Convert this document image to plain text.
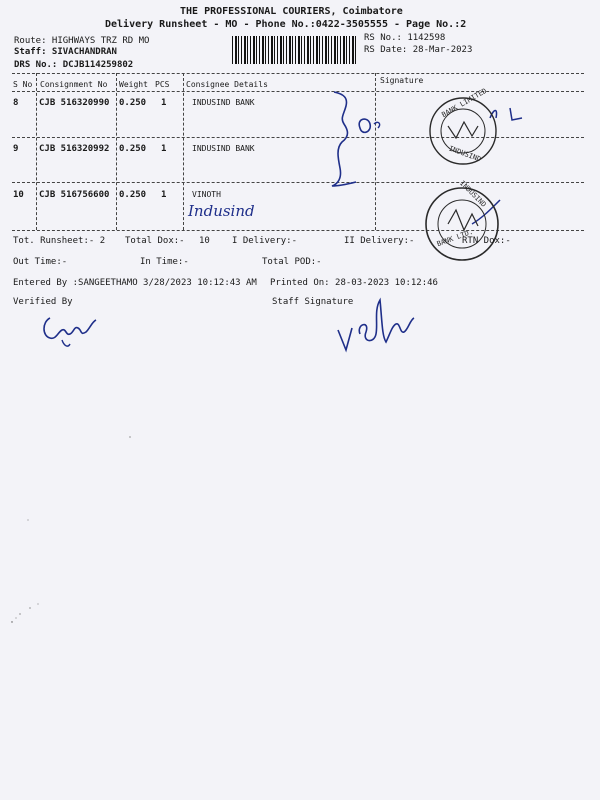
THE PROFESSIONAL COURIERS, Coimbatore
Delivery Runsheet - MO - Phone No.:0422-3505555 - Page No.:2
Route: HIGHWAYS TRZ RD MO
Staff: SIVACHANDRAN
DRS No.: DCJB114259802
RS No.: 1142598
RS Date: 28-Mar-2023
S No Consignment No Weight PCS Consignee Details	Signature
8 CJB 516320990 0.250 1	INDUSIND BANK
9 CJB 516320992 0.250 1	INDUSIND BANK
10 CJB 516756600 0.250 1	VINOTH
Indusind
BANK LIMITED
INDUSIND
INDUSIND
BANK LTD.
Tot. Runsheet:- 2 Total Dox:- 10 I Delivery:-	II Delivery:-	RTN Dox:-
Out Time:-	In Time:-	Total POD:-
Entered By :SANGEETHAMO 3/28/2023 10:12:43 AM Printed On: 28-03-2023 10:12:46
Verified By	Staff Signature
